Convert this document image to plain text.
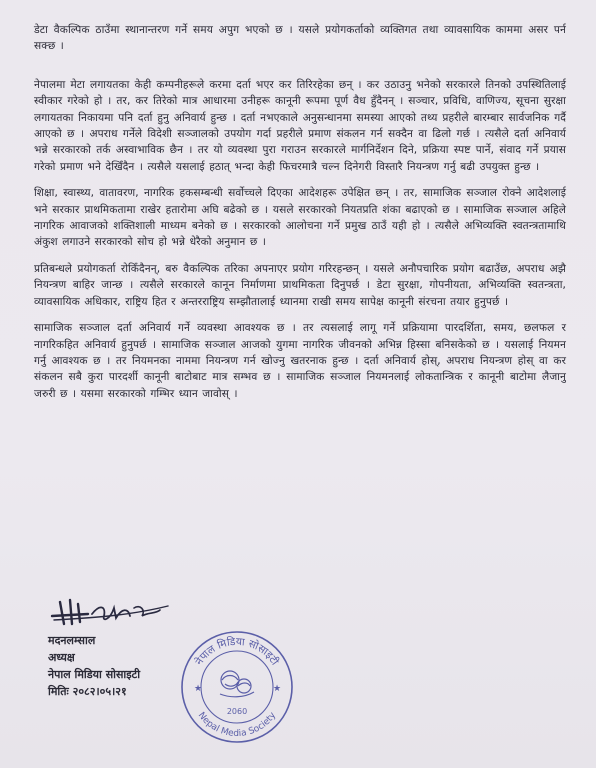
डेटा वैकल्पिक ठाउँमा स्थानान्तरण गर्ने समय अपुग भएको छ । यसले प्रयोगकर्ताको व्यक्तिगत तथा व्यावसायिक काममा असर पर्न सक्छ ।

नेपालमा मेटा लगायतका केही कम्पनीहरूले करमा दर्ता भएर कर तिरिरहेका छन् । कर उठाउनु भनेको सरकारले तिनको उपस्थितिलाई स्वीकार गरेको हो । तर, कर तिरेको मात्र आधारमा उनीहरू कानूनी रूपमा पूर्ण वैध हुँदैनन् । सञ्चार, प्रविधि, वाणिज्य, सूचना सुरक्षा लगायतका निकायमा पनि दर्ता हुनु अनिवार्य हुन्छ । दर्ता नभएकाले अनुसन्धानमा समस्या आएको तथ्य प्रहरीले बारम्बार सार्वजनिक गर्दै आएको छ । अपराध गर्नेले विदेशी सञ्जालको उपयोग गर्दा प्रहरीले प्रमाण संकलन गर्न सक्दैन वा ढिलो गर्छ । त्यसैले दर्ता अनिवार्य भन्ने सरकारको तर्क अस्वाभाविक छैन । तर यो व्यवस्था पुरा गराउन सरकारले मार्गनिर्देशन दिने, प्रक्रिया स्पष्ट पार्ने, संवाद गर्ने प्रयास गरेको प्रमाण भने देखिँदैन । त्यसैले यसलाई हठात् भन्दा केही फिचरमात्रै चल्न दिनेगरी विस्तारै नियन्त्रण गर्नु बढी उपयुक्त हुन्छ ।

शिक्षा, स्वास्थ्य, वातावरण, नागरिक हकसम्बन्धी सर्वोच्चले दिएका आदेशहरू उपेक्षित छन् । तर, सामाजिक सञ्जाल रोक्ने आदेशलाई भने सरकार प्राथमिकतामा राखेर हतारोमा अघि बढेको छ । यसले सरकारको नियतप्रति शंका बढाएको छ । सामाजिक सञ्जाल अहिले नागरिक आवाजको शक्तिशाली माध्यम बनेको छ । सरकारको आलोचना गर्ने प्रमुख ठाउँ यही हो । त्यसैले अभिव्यक्ति स्वतन्त्रतामाथि अंकुश लगाउने सरकारको सोच हो भन्ने धेरैको अनुमान छ ।

प्रतिबन्धले प्रयोगकर्ता रोकिँदैनन्, बरु वैकल्पिक तरिका अपनाएर प्रयोग गरिरहन्छन् । यसले अनौपचारिक प्रयोग बढाउँछ, अपराध अझै नियन्त्रण बाहिर जान्छ । त्यसैले सरकारले कानून निर्माणमा प्राथमिकता दिनुपर्छ । डेटा सुरक्षा, गोपनीयता, अभिव्यक्ति स्वतन्त्रता, व्यावसायिक अधिकार, राष्ट्रिय हित र अन्तरराष्ट्रिय सम्झौतालाई ध्यानमा राखी समय सापेक्ष कानूनी संरचना तयार हुनुपर्छ ।

सामाजिक सञ्जाल दर्ता अनिवार्य गर्ने व्यवस्था आवश्यक छ । तर त्यसलाई लागू गर्ने प्रक्रियामा पारदर्शिता, समय, छलफल र नागरिकहित अनिवार्य हुनुपर्छ । सामाजिक सञ्जाल आजको युगमा नागरिक जीवनको अभिन्न हिस्सा बनिसकेको छ । यसलाई नियमन गर्नु आवश्यक छ । तर नियमनका नाममा नियन्त्रण गर्न खोज्नु खतरनाक हुन्छ । दर्ता अनिवार्य होस्, अपराध नियन्त्रण होस् वा कर संकलन सबै कुरा पारदर्शी कानूनी बाटोबाट मात्र सम्भव छ । सामाजिक सञ्जाल नियमनलाई लोकतान्त्रिक र कानूनी बाटोमा लैजानु जरुरी छ । यसमा सरकारको गम्भिर ध्यान जावोस् ।

मदनलम्साल
अध्यक्ष
नेपाल मिडिया सोसाइटी
मितिः २०८२।०५।२१
नेपाल मिडिया सोसाइटी
Nepal Media Society
★	★
2060
